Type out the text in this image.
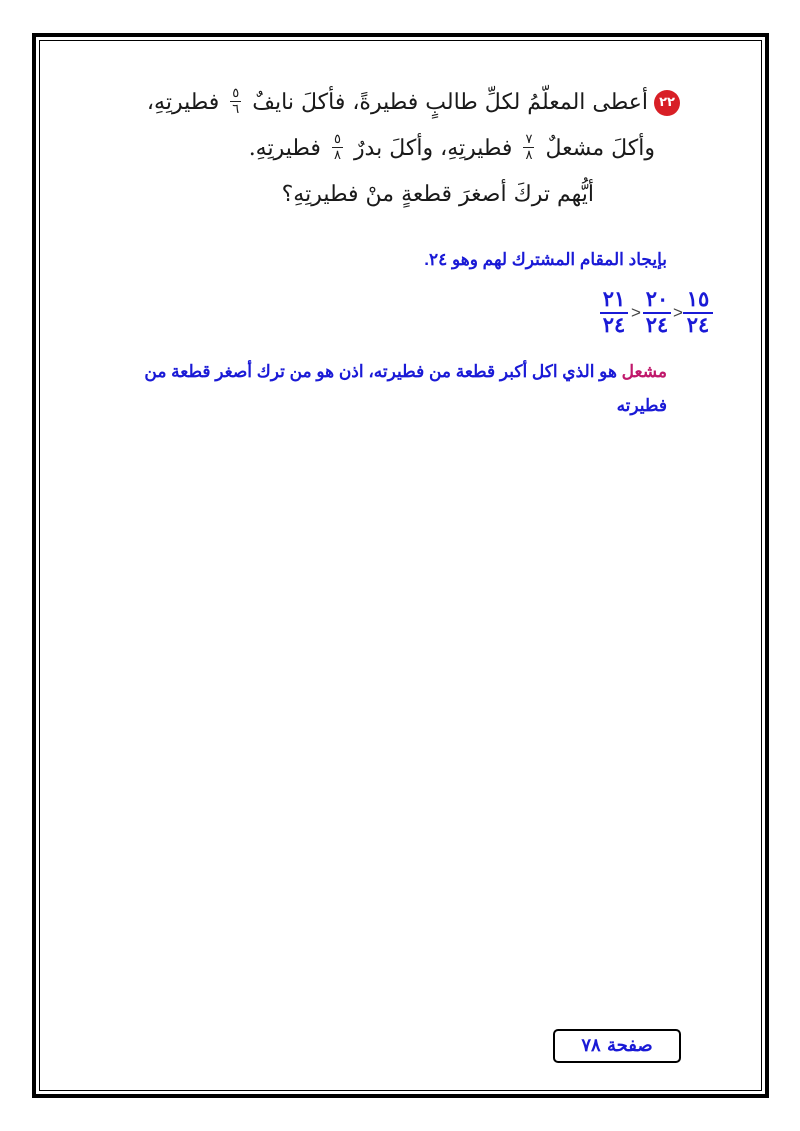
٢٢أعطى المعلّمُ لكلِّ طالبٍ فطيرةً، فأكلَ نايفٌ
$\frac{٥}{٦}$
فطيرتِهِ،
وأكلَ مشعلٌ
$\frac{٧}{٨}$
فطيرتِهِ، وأكلَ بدرٌ
$\frac{٥}{٨}$
فطيرتِهِ.
أيُّهم تركَ أصغرَ قطعةٍ منْ فطيرتِهِ؟
بإيجاد المقام المشترك لهم وهو ٢٤.
٢١
٢٤
>
٢٠
٢٤
>
١٥
٢٤
مشعل هو الذي اكل أكبر قطعة من فطيرته، اذن هو من ترك أصغر قطعة من فطيرته
صفحة ٧٨
